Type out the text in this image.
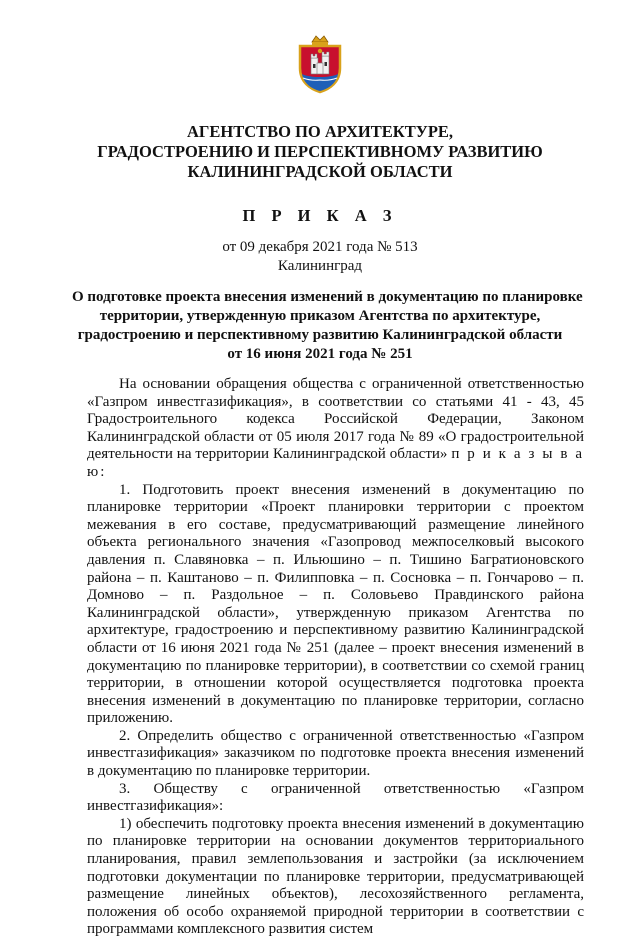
АГЕНТСТВО ПО АРХИТЕКТУРЕ,
ГРАДОСТРОЕНИЮ И ПЕРСПЕКТИВНОМУ РАЗВИТИЮ
КАЛИНИНГРАДСКОЙ ОБЛАСТИ
П Р И К А З
от 09 декабря 2021 года № 513
Калининград
О подготовке проекта внесения изменений в документацию по планировке
территории, утвержденную приказом Агентства по архитектуре,
градостроению и перспективному развитию Калининградской области
от 16 июня 2021 года № 251

На основании обращения общества с ограниченной ответственностью «Газпром инвестгазификация», в соответствии со статьями 41 - 43, 45 Градостроительного кодекса Российской Федерации, Законом Калининградской области от 05 июля 2017 года № 89 «О градостроительной деятельности на территории Калининградской области» п р и к а з ы в а ю:

1. Подготовить проект внесения изменений в документацию по планировке территории «Проект планировки территории с проектом межевания в его составе, предусматривающий размещение линейного объекта регионального значения «Газопровод межпоселковый высокого давления п. Славяновка – п. Ильюшино – п. Тишино Багратионовского района – п. Каштаново – п. Филипповка – п. Сосновка – п. Гончарово – п. Домново – п. Раздольное – п. Соловьево Правдинского района Калининградской области», утвержденную приказом Агентства по архитектуре, градостроению и перспективному развитию Калининградской области от 16 июня 2021 года № 251 (далее – проект внесения изменений в документацию по планировке территории), в соответствии со схемой границ территории, в отношении которой осуществляется подготовка проекта внесения изменений в документацию по планировке территории, согласно приложению.

2. Определить общество с ограниченной ответственностью «Газпром инвестгазификация» заказчиком по подготовке проекта внесения изменений в документацию по планировке территории.

3. Обществу с ограниченной ответственностью «Газпром инвестгазификация»:

1) обеспечить подготовку проекта внесения изменений в документацию по планировке территории на основании документов территориального планирования, правил землепользования и застройки (за исключением подготовки документации по планировке территории, предусматривающей размещение линейных объектов), лесохозяйственного регламента, положения об особо охраняемой природной территории в соответствии с программами комплексного развития систем
